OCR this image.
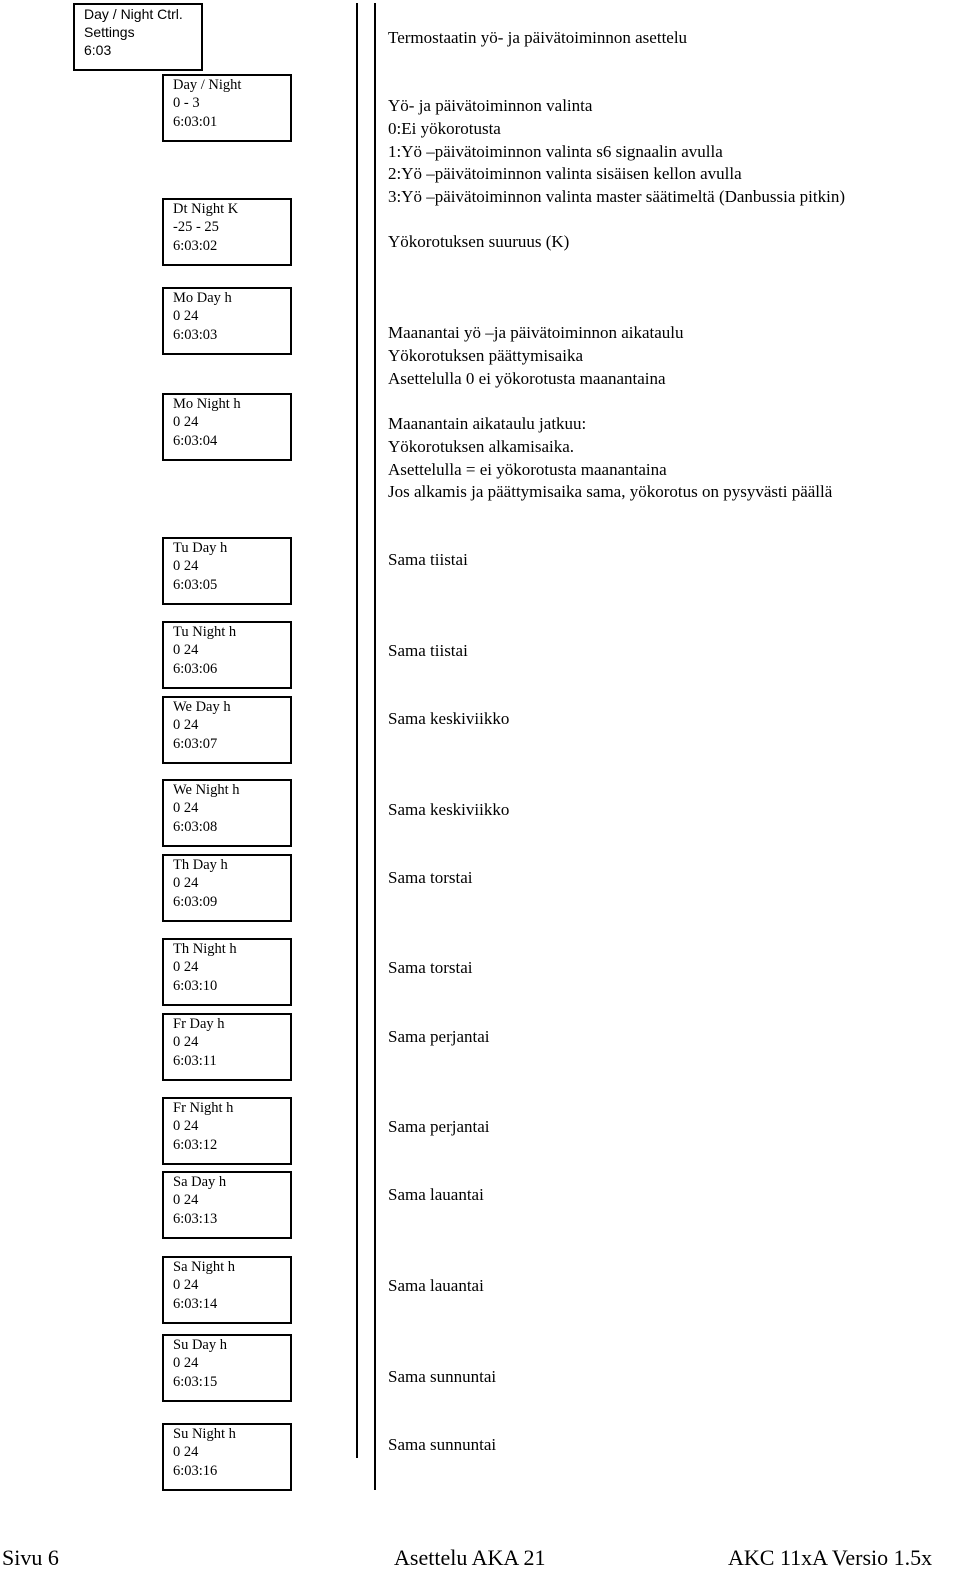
Day / Night Ctrl.
Settings
6:03
Day / Night
0 - 3
6:03:01
Dt Night K
-25 - 25
6:03:02
Mo Day h
0 24
6:03:03
Mo Night h
0 24
6:03:04
Tu Day h
0 24
6:03:05
Tu Night h
0 24
6:03:06
We Day h
0 24
6:03:07
We Night h
0 24
6:03:08
Th Day h
0 24
6:03:09
Th Night h
0 24
6:03:10
Fr Day h
0 24
6:03:11
Fr Night h
0 24
6:03:12
Sa Day h
0 24
6:03:13
Sa Night h
0 24
6:03:14
Su Day h
0 24
6:03:15
Su Night h
0 24
6:03:16
Termostaatin yö- ja päivätoiminnon asettelu
Yö- ja päivätoiminnon valinta
0:Ei yökorotusta
1:Yö –päivätoiminnon valinta s6 signaalin avulla
2:Yö –päivätoiminnon valinta sisäisen kellon avulla
3:Yö –päivätoiminnon valinta master säätimeltä (Danbussia pitkin)
Yökorotuksen suuruus (K)
Maanantai yö –ja päivätoiminnon aikataulu
Yökorotuksen päättymisaika
Asettelulla 0 ei yökorotusta maanantaina
Maanantain aikataulu jatkuu:
Yökorotuksen alkamisaika.
Asettelulla = ei yökorotusta maanantaina
Jos alkamis ja päättymisaika sama, yökorotus on pysyvästi päällä
Sama tiistai
Sama tiistai
Sama keskiviikko
Sama keskiviikko
Sama torstai
Sama torstai
Sama perjantai
Sama perjantai
Sama lauantai
Sama lauantai
Sama sunnuntai
Sama sunnuntai
Sivu 6	Asettelu AKA 21	AKC 11xA Versio 1.5x
